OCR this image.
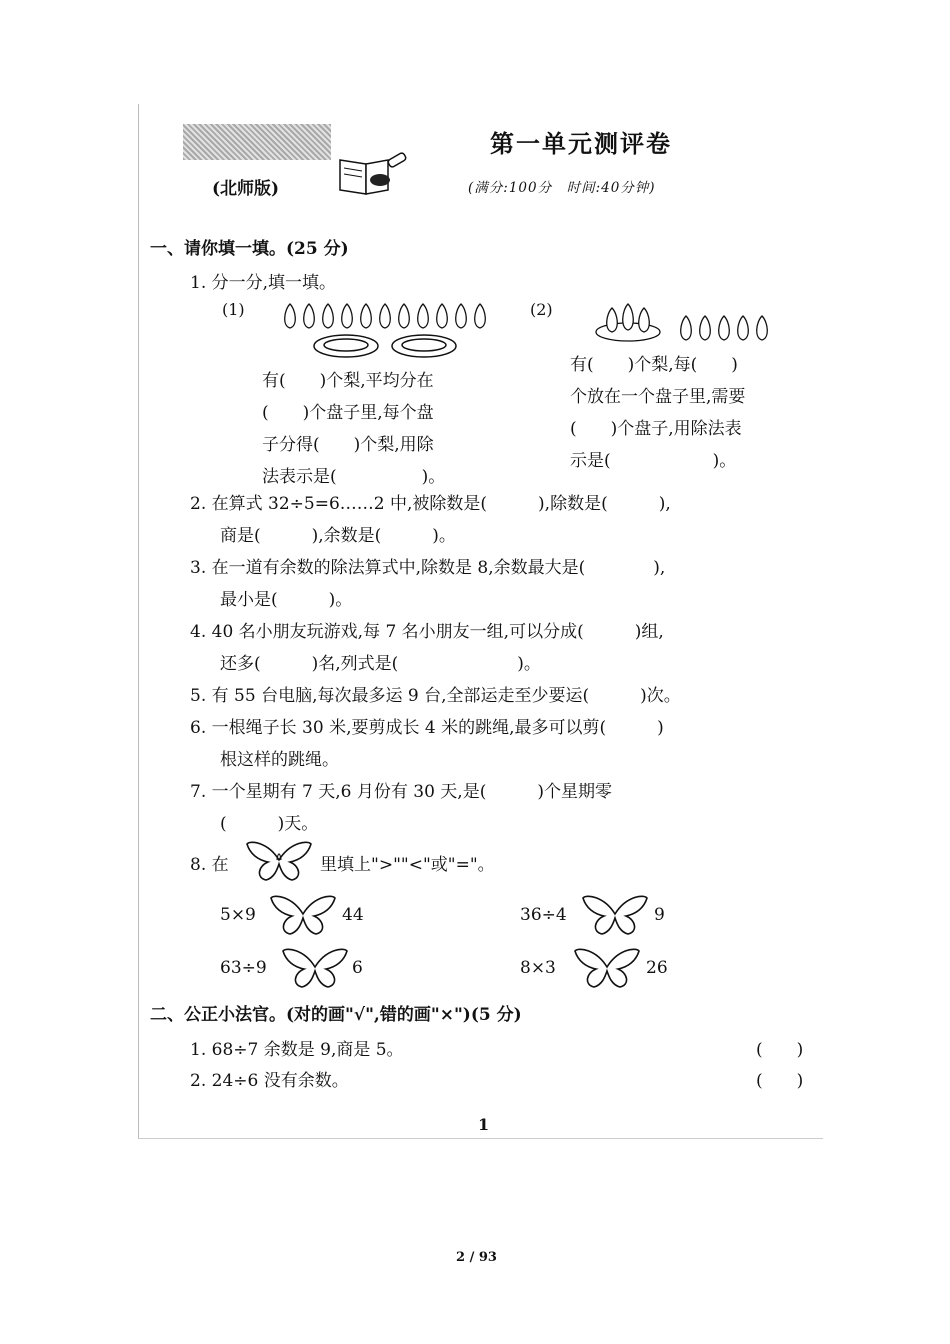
第一单元测评卷
(北师版)	(满分:100分　时间:40分钟)
一、请你填一填。(25 分)
1. 分一分,填一填。
(1)
有(　　)个梨,平均分在
(　　)个盘子里,每个盘
子分得(　　)个梨,用除
法表示是(　　　　　)。
(2)
有(　　)个梨,每(　　)
个放在一个盘子里,需要
(　　)个盘子,用除法表
示是(　　　　　　)。
2. 在算式 32÷5=6……2 中,被除数是(　　　),除数是(　　　),
商是(　　　),余数是(　　　)。
3. 在一道有余数的除法算式中,除数是 8,余数最大是(　　　　),
最小是(　　　)。
4. 40 名小朋友玩游戏,每 7 名小朋友一组,可以分成(　　　)组,
还多(　　　)名,列式是(　　　　　　　)。
5. 有 55 台电脑,每次最多运 9 台,全部运走至少要运(　　　)次。
6. 一根绳子长 30 米,要剪成长 4 米的跳绳,最多可以剪(　　　)
根这样的跳绳。
7. 一个星期有 7 天,6 月份有 30 天,是(　　　)个星期零
(　　　)天。
8. 在	里填上">""<"或"="。
5×9	44	36÷4	9
63÷9	6	8×3	26
二、公正小法官。(对的画"√",错的画"×")(5 分)
1. 68÷7 余数是 9,商是 5。	(　　)
2. 24÷6 没有余数。	(　　)
1
2 / 93
